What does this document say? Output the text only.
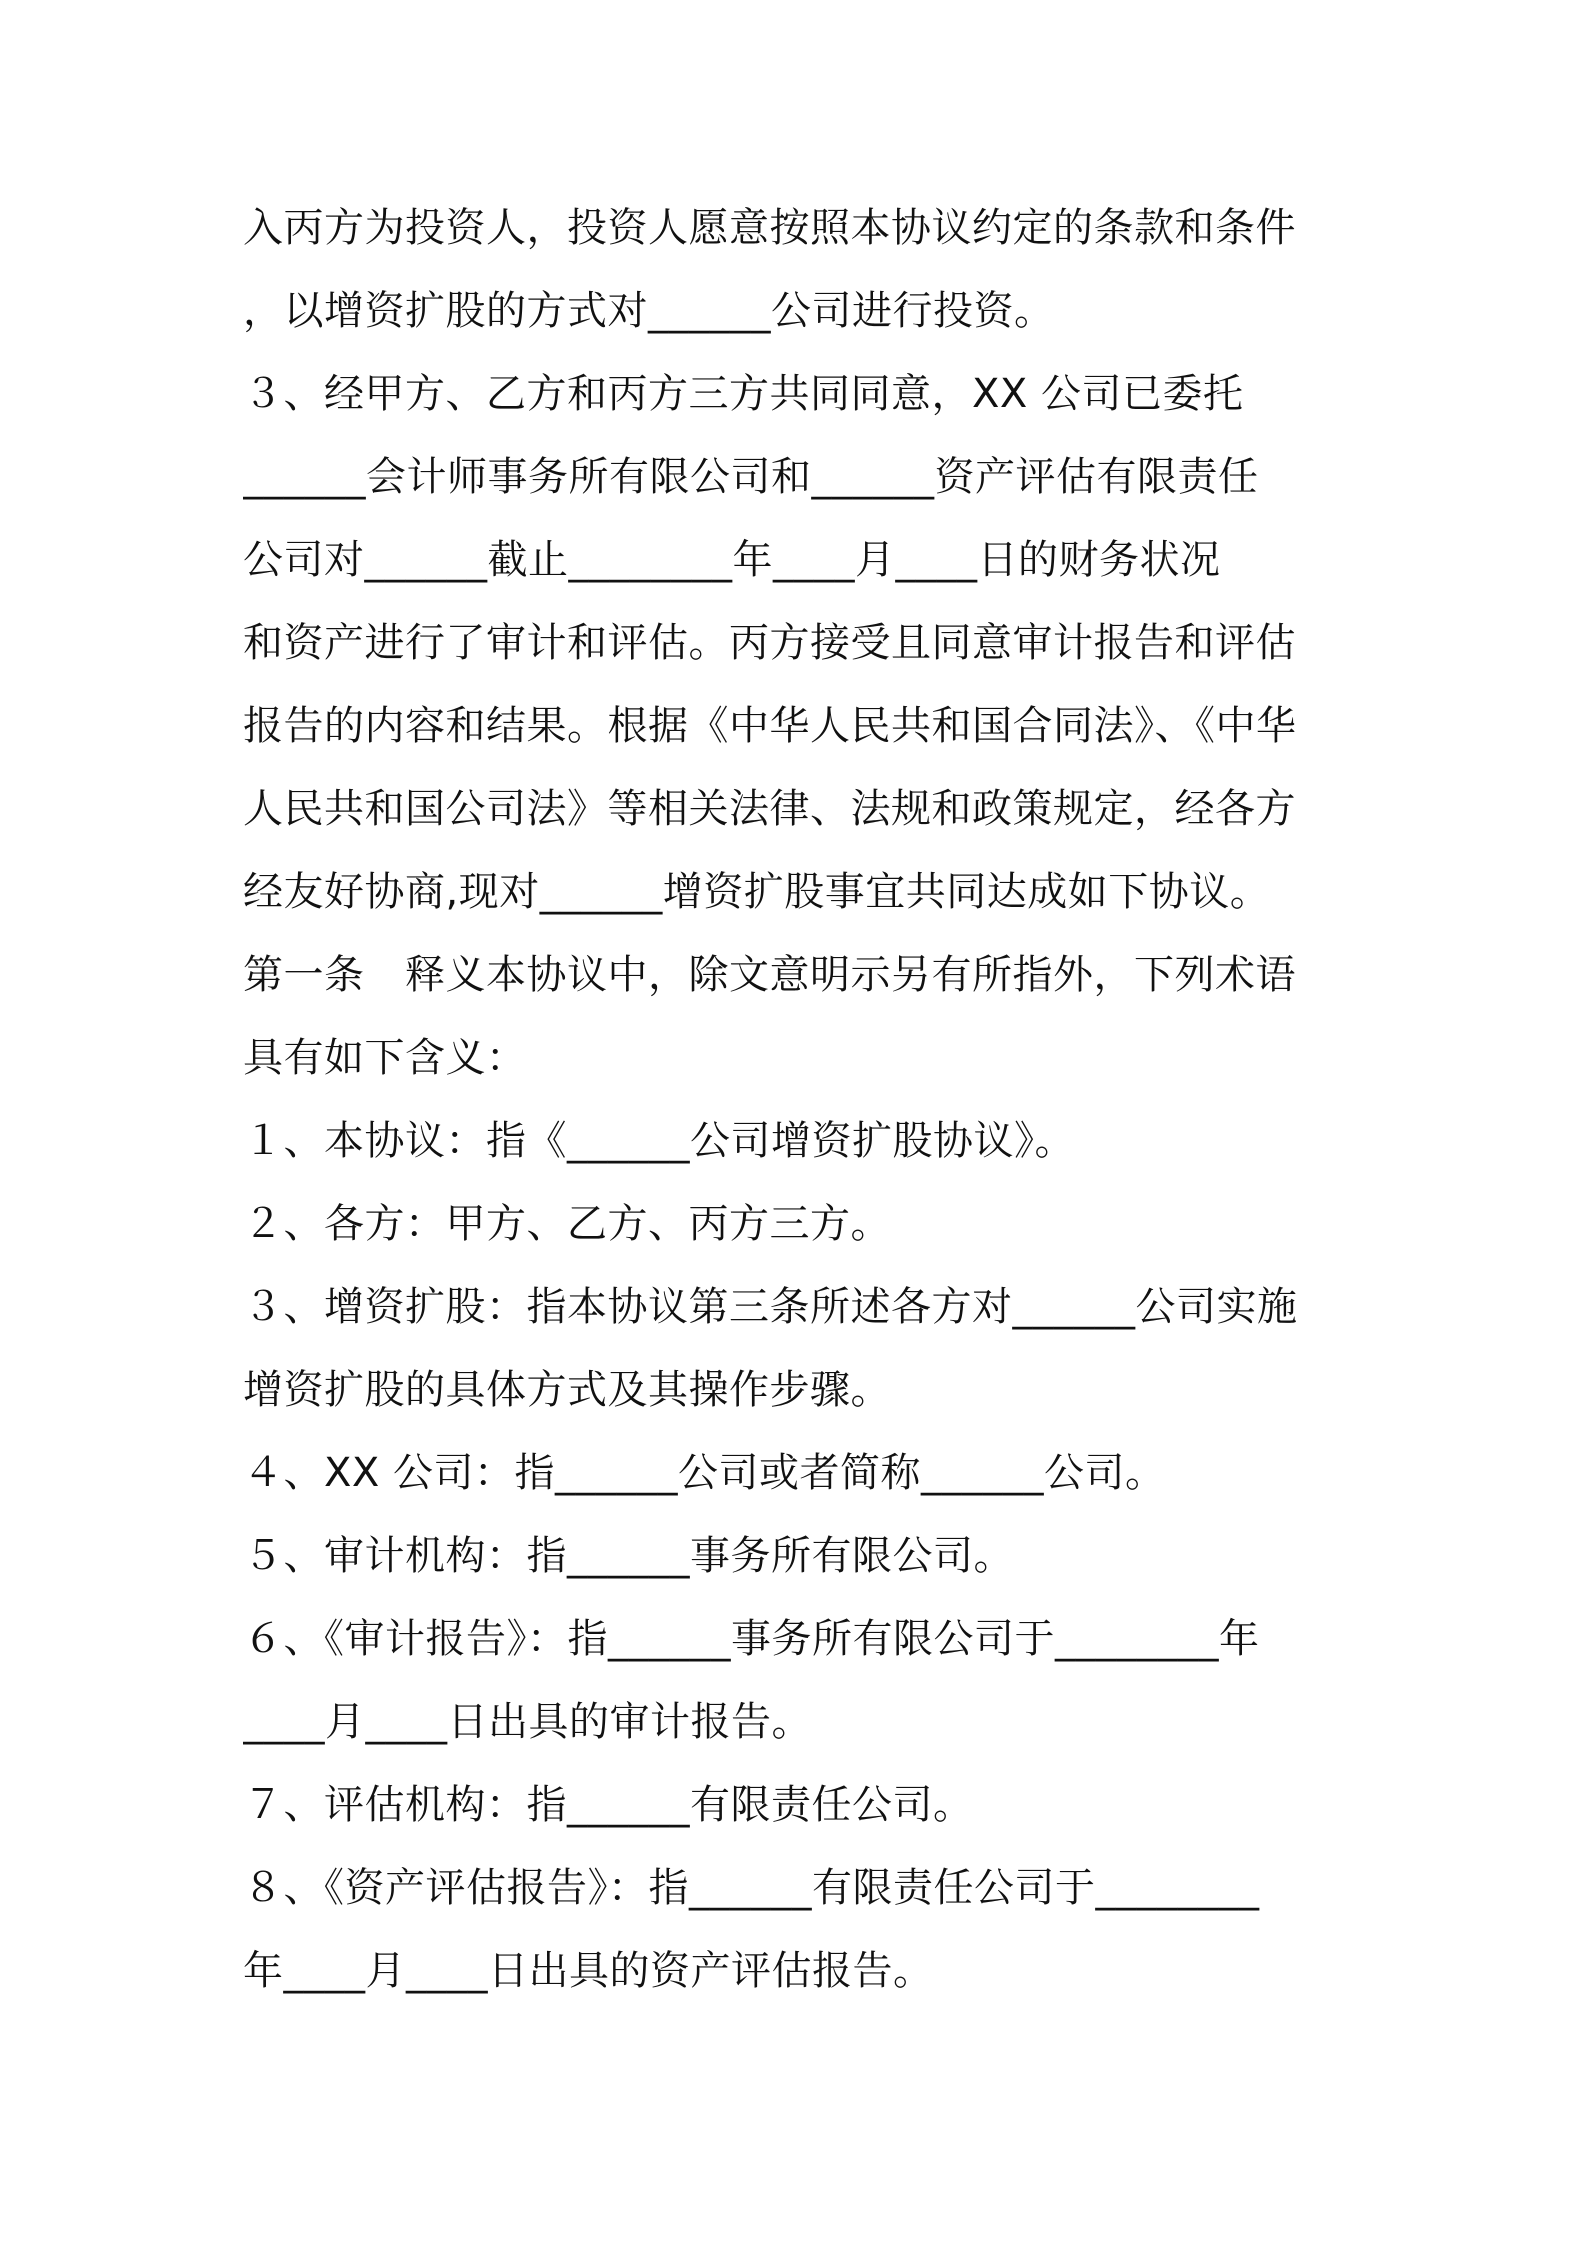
入丙方为投资人，投资人愿意按照本协议约定的条款和条件
，以增资扩股的方式对______公司进行投资。
３、经甲方、乙方和丙方三方共同同意，XX 公司已委托
______会计师事务所有限公司和______资产评估有限责任
公司对______截止________年____月____日的财务状况
和资产进行了审计和评估。丙方接受且同意审计报告和评估
报告的内容和结果。根据《中华人民共和国合同法》、《中华
人民共和国公司法》等相关法律、法规和政策规定，经各方
经友好协商,现对______增资扩股事宜共同达成如下协议。
第一条　释义本协议中，除文意明示另有所指外，下列术语
具有如下含义：
１、本协议：指《______公司增资扩股协议》。
２、各方：甲方、乙方、丙方三方。
３、增资扩股：指本协议第三条所述各方对______公司实施
增资扩股的具体方式及其操作步骤。
４、XX 公司：指______公司或者简称______公司。
５、审计机构：指______事务所有限公司。
６、《审计报告》：指______事务所有限公司于________年
____月____日出具的审计报告。
７、评估机构：指______有限责任公司。
８、《资产评估报告》：指______有限责任公司于________
年____月____日出具的资产评估报告。
